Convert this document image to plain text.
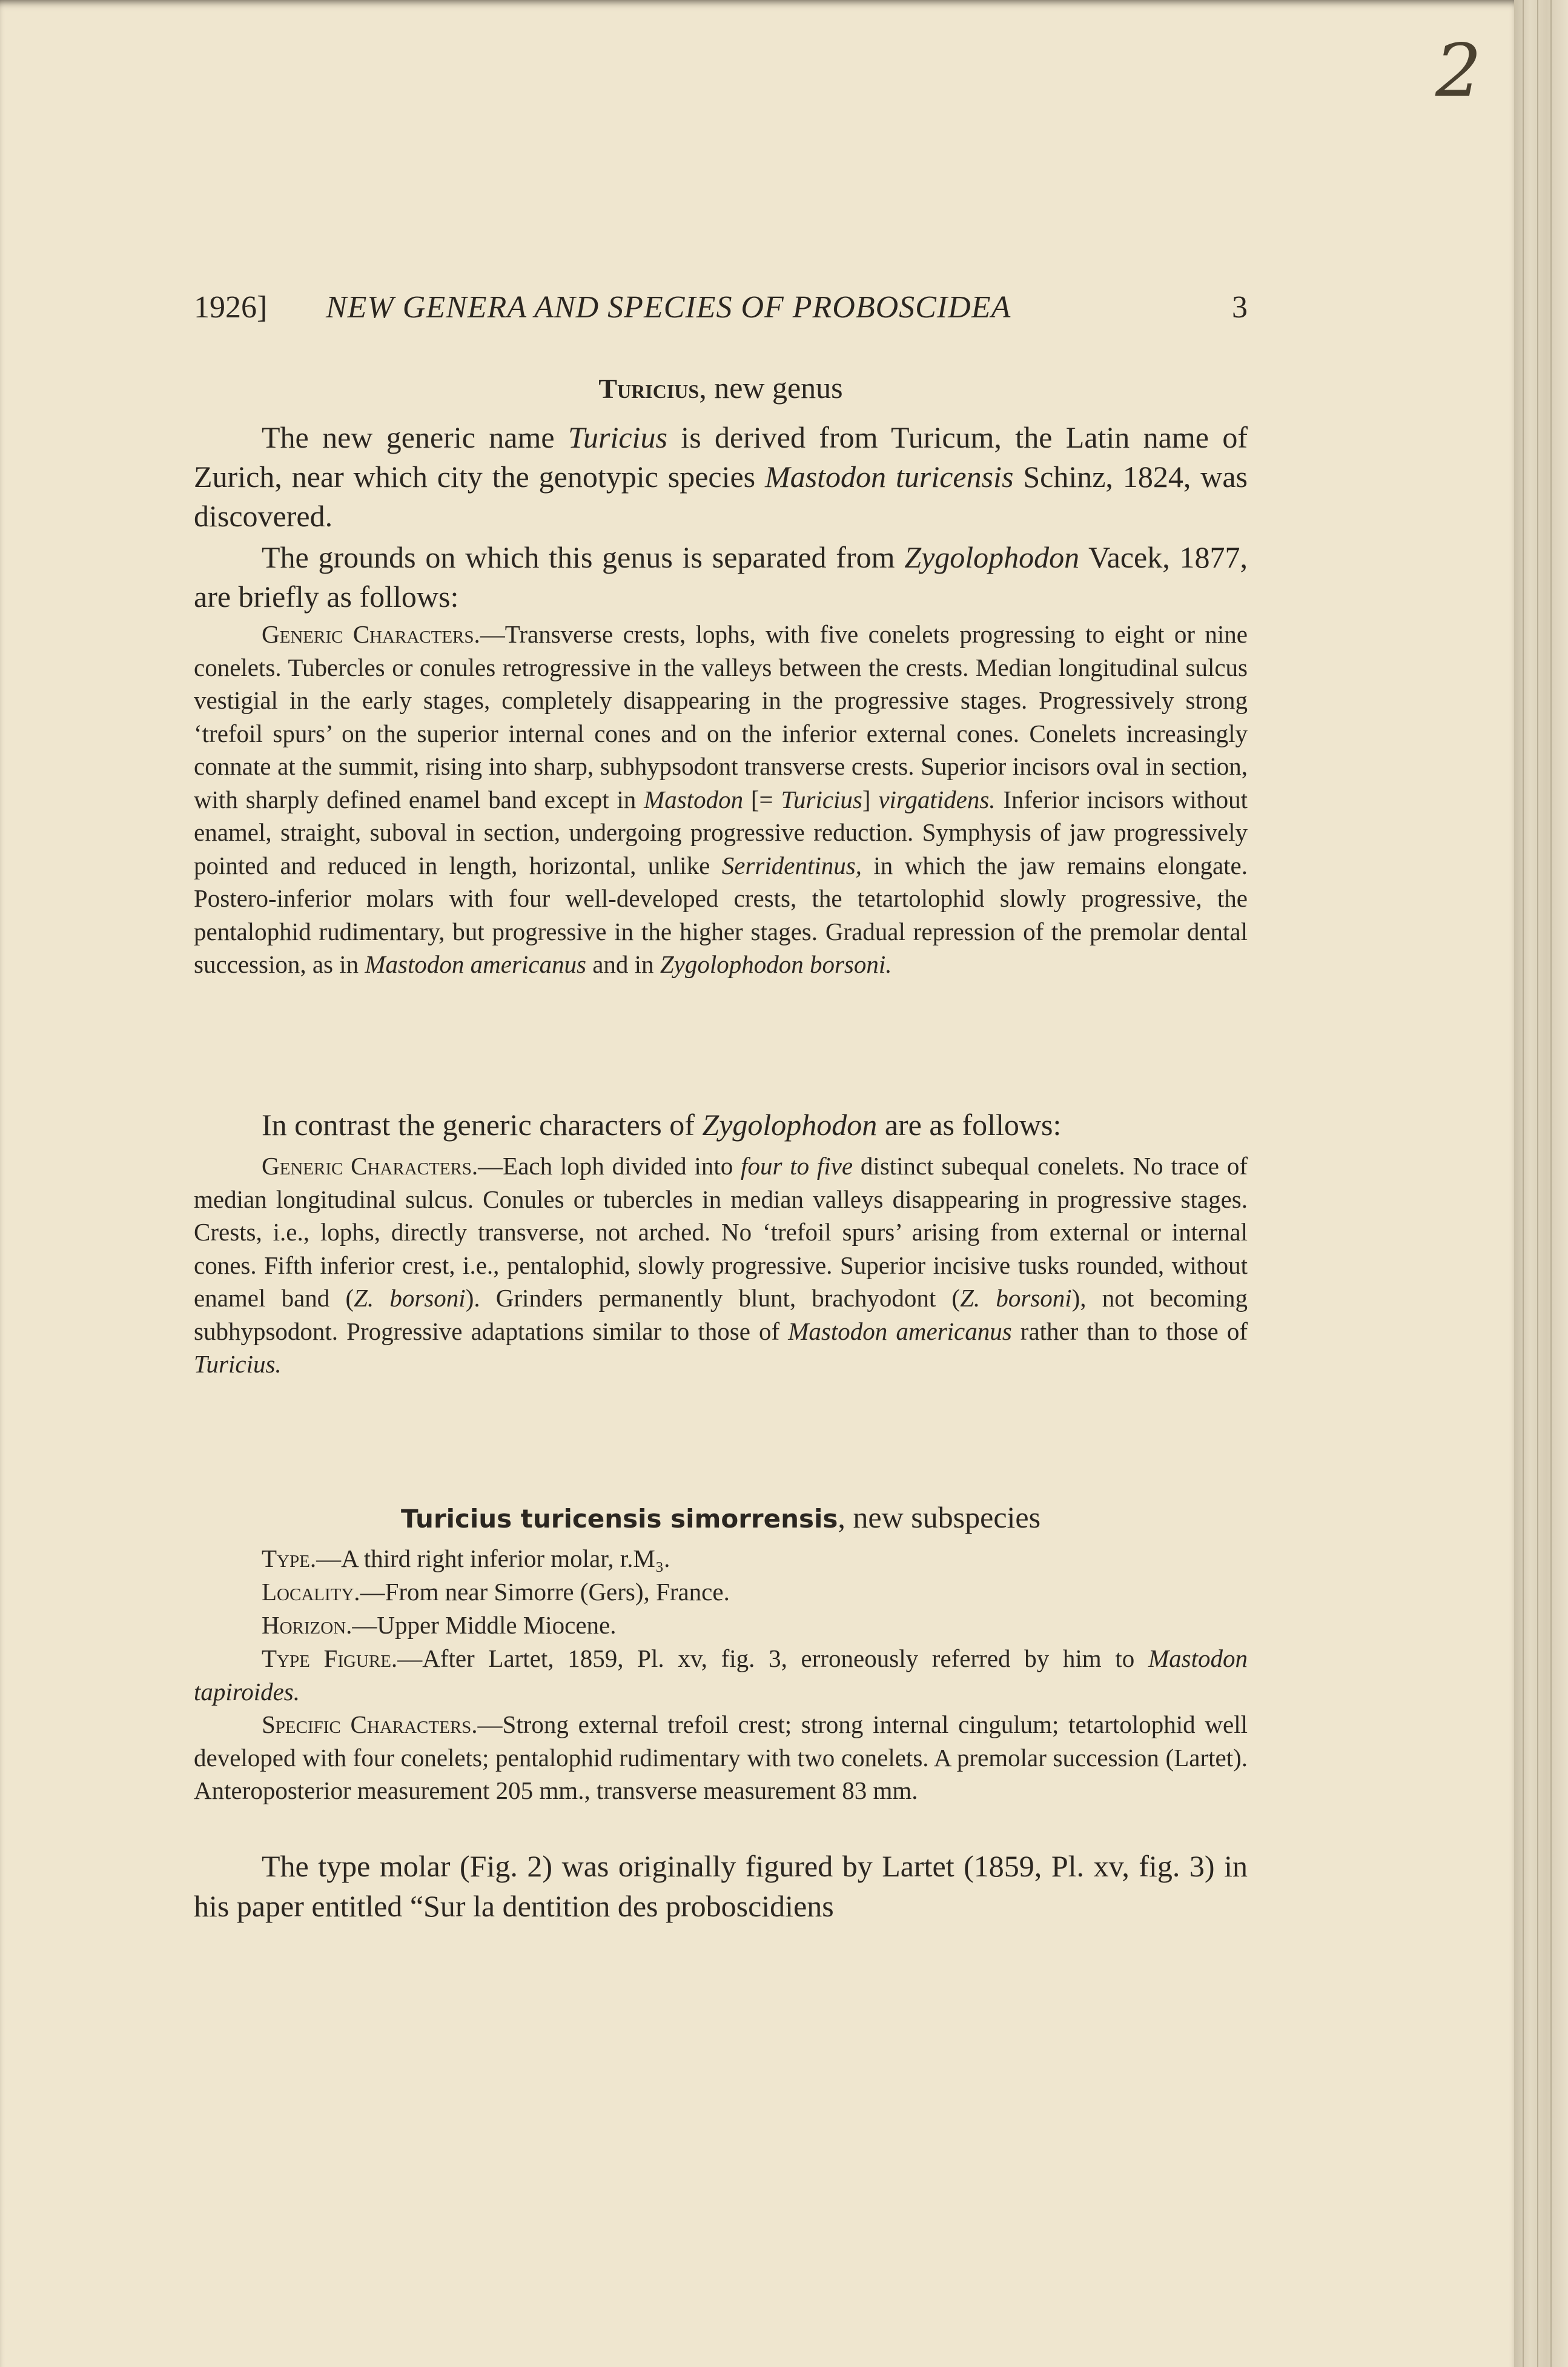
2
1926] NEW GENERA AND SPECIES OF PROBOSCIDEA	3
Turicius, new genus
The new generic name Turicius is derived from Turicum, the Latin name of Zurich, near which city the genotypic species Mastodon turicensis Schinz, 1824, was discovered.
The grounds on which this genus is separated from Zygolophodon Vacek, 1877, are briefly as follows:
Generic Characters.—Transverse crests, lophs, with five conelets progressing to eight or nine conelets. Tubercles or conules retrogressive in the valleys between the crests. Median longitudinal sulcus vestigial in the early stages, completely disappearing in the progressive stages. Progressively strong ‘trefoil spurs’ on the superior internal cones and on the inferior external cones. Conelets increasingly connate at the summit, rising into sharp, subhypsodont transverse crests. Superior incisors oval in section, with sharply defined enamel band except in Mastodon [= Turicius] virgatidens. Inferior incisors without enamel, straight, suboval in section, undergoing progressive reduction. Symphysis of jaw progressively pointed and reduced in length, horizontal, unlike Serridentinus, in which the jaw remains elongate. Postero-inferior molars with four well-developed crests, the tetartolophid slowly progressive, the pentalophid rudimentary, but progressive in the higher stages. Gradual repression of the premolar dental succession, as in Mastodon americanus and in Zygolophodon borsoni.
In contrast the generic characters of Zygolophodon are as follows:
Generic Characters.—Each loph divided into four to five distinct subequal conelets. No trace of median longitudinal sulcus. Conules or tubercles in median valleys disappearing in progressive stages. Crests, i.e., lophs, directly transverse, not arched. No ‘trefoil spurs’ arising from external or internal cones. Fifth inferior crest, i.e., pentalophid, slowly progressive. Superior incisive tusks rounded, without enamel band (Z. borsoni). Grinders permanently blunt, brachyodont (Z. borsoni), not becoming subhypsodont. Progressive adaptations similar to those of Mastodon americanus rather than to those of Turicius.
Turicius turicensis simorrensis, new subspecies
Type.—A third right inferior molar, r.M₃.
Locality.—From near Simorre (Gers), France.
Horizon.—Upper Middle Miocene.
Type Figure.—After Lartet, 1859, Pl. xv, fig. 3, erroneously referred by him to Mastodon tapiroides.
Specific Characters.—Strong external trefoil crest; strong internal cingulum; tetartolophid well developed with four conelets; pentalophid rudimentary with two conelets. A premolar succession (Lartet). Anteroposterior measurement 205 mm., transverse measurement 83 mm.
The type molar (Fig. 2) was originally figured by Lartet (1859, Pl. xv, fig. 3) in his paper entitled “Sur la dentition des proboscidiens
